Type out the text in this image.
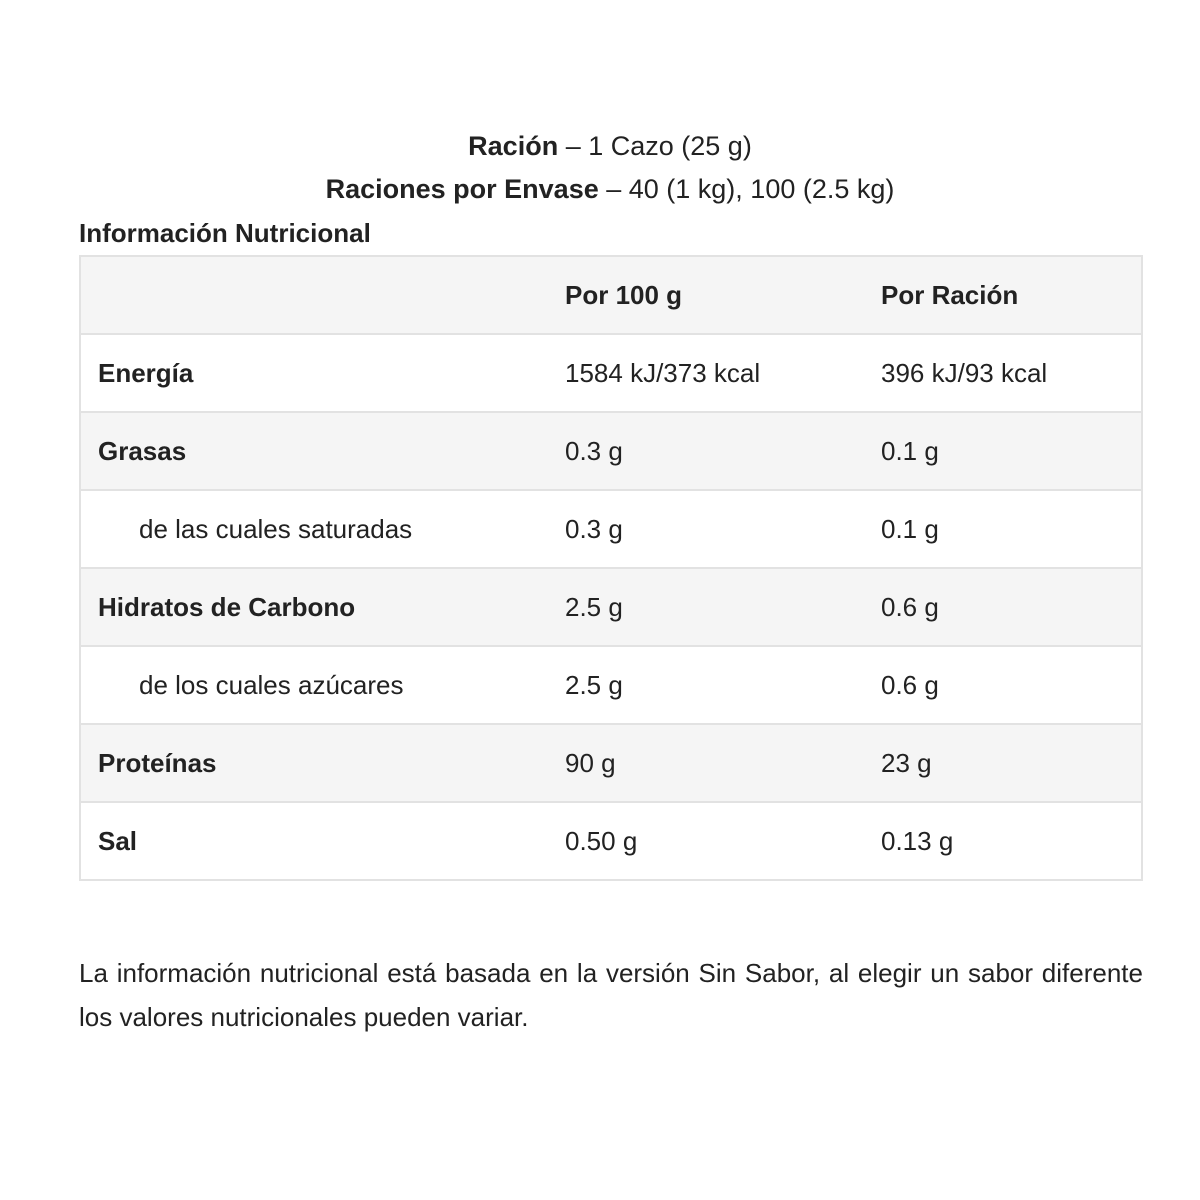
Ración – 1 Cazo (25 g)
Raciones por Envase – 40 (1 kg), 100 (2.5 kg)
Información Nutricional
	Por 100 g	Por Ración
Energía	1584 kJ/373 kcal	396 kJ/93 kcal
Grasas	0.3 g	0.1 g
de las cuales saturadas	0.3 g	0.1 g
Hidratos de Carbono	2.5 g	0.6 g
de los cuales azúcares	2.5 g	0.6 g
Proteínas	90 g	23 g
Sal	0.50 g	0.13 g

La información nutricional está basada en la versión Sin Sabor, al elegir un sabor diferente los valores nutricionales pueden variar.
